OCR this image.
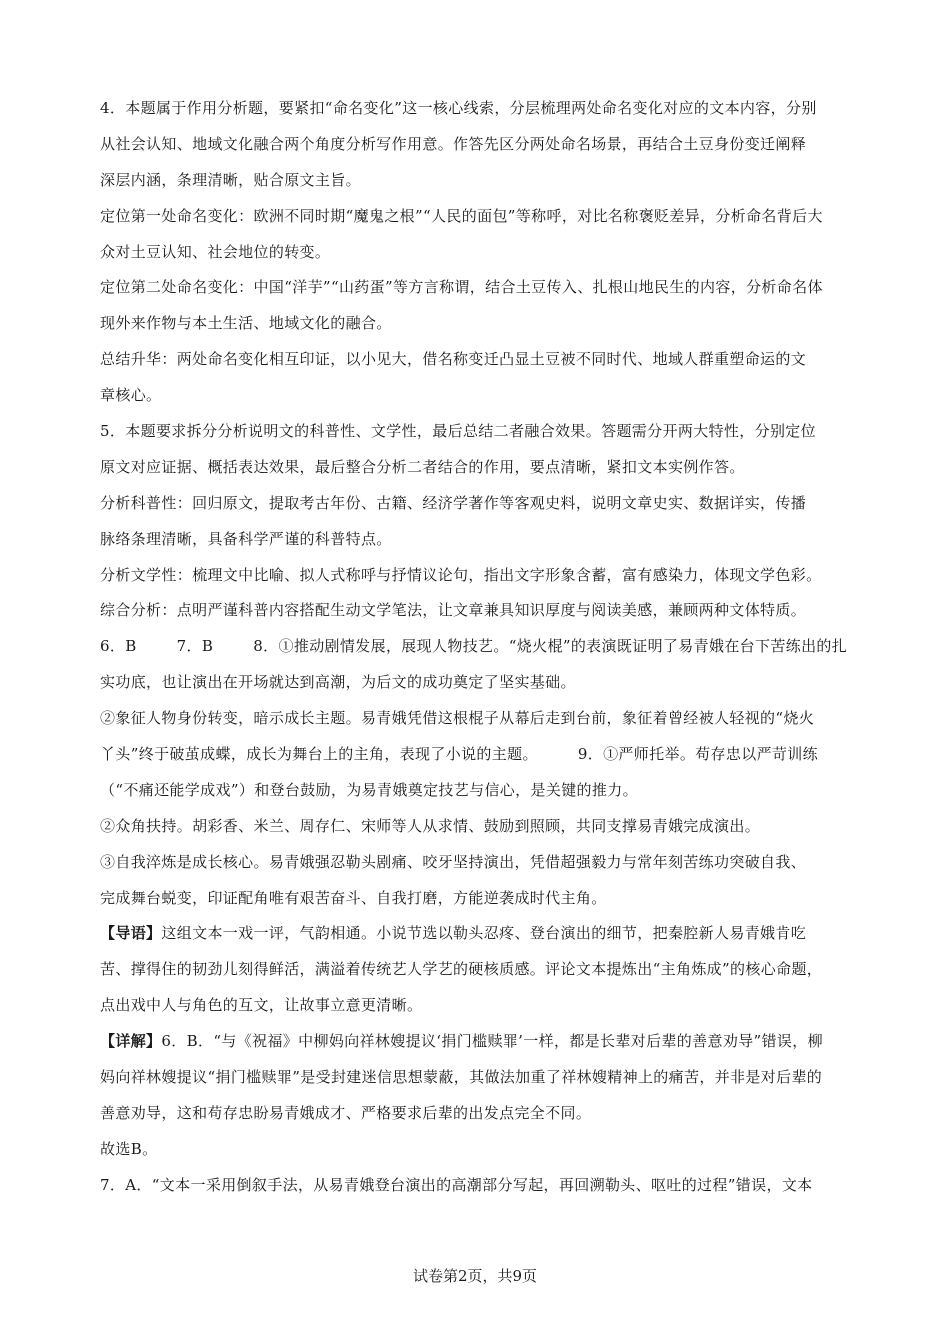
4．本题属于作用分析题，要紧扣“命名变化”这一核心线索，分层梳理两处命名变化对应的文本内容，分别
从社会认知、地域文化融合两个角度分析写作用意。作答先区分两处命名场景，再结合土豆身份变迁阐释
深层内涵，条理清晰，贴合原文主旨。
定位第一处命名变化：欧洲不同时期“魔鬼之根”“人民的面包”等称呼，对比名称褒贬差异，分析命名背后大
众对土豆认知、社会地位的转变。
定位第二处命名变化：中国“洋芋”“山药蛋”等方言称谓，结合土豆传入、扎根山地民生的内容，分析命名体
现外来作物与本土生活、地域文化的融合。
总结升华：两处命名变化相互印证，以小见大，借名称变迁凸显土豆被不同时代、地域人群重塑命运的文
章核心。
5．本题要求拆分分析说明文的科普性、文学性，最后总结二者融合效果。答题需分开两大特性，分别定位
原文对应证据、概括表达效果，最后整合分析二者结合的作用，要点清晰，紧扣文本实例作答。
分析科普性：回归原文，提取考古年份、古籍、经济学著作等客观史料，说明文章史实、数据详实，传播
脉络条理清晰，具备科学严谨的科普特点。
分析文学性：梳理文中比喻、拟人式称呼与抒情议论句，指出文字形象含蓄，富有感染力，体现文学色彩。
综合分析：点明严谨科普内容搭配生动文学笔法，让文章兼具知识厚度与阅读美感，兼顾两种文体特质。
6．B	7．B	8．①推动剧情发展，展现人物技艺。“烧火棍”的表演既证明了易青娥在台下苦练出的扎
实功底，也让演出在开场就达到高潮，为后文的成功奠定了坚实基础。
②象征人物身份转变，暗示成长主题。易青娥凭借这根棍子从幕后走到台前，象征着曾经被人轻视的“烧火
丫头”终于破茧成蝶，成长为舞台上的主角，表现了小说的主题。	9．①严师托举。苟存忠以严苛训练
（“不痛还能学成戏”）和登台鼓励，为易青娥奠定技艺与信心，是关键的推力。
②众角扶持。胡彩香、米兰、周存仁、宋师等人从求情、鼓励到照顾，共同支撑易青娥完成演出。
③自我淬炼是成长核心。易青娥强忍勒头剧痛、咬牙坚持演出，凭借超强毅力与常年刻苦练功突破自我、
完成舞台蜕变，印证配角唯有艰苦奋斗、自我打磨，方能逆袭成时代主角。
【导语】这组文本一戏一评，气韵相通。小说节选以勒头忍疼、登台演出的细节，把秦腔新人易青娥肯吃
苦、撑得住的韧劲儿刻得鲜活，满溢着传统艺人学艺的硬核质感。评论文本提炼出“主角炼成”的核心命题，
点出戏中人与角色的互文，让故事立意更清晰。
【详解】6．B．“与《祝福》中柳妈向祥林嫂提议‘捐门槛赎罪’一样，都是长辈对后辈的善意劝导”错误，柳
妈向祥林嫂提议“捐门槛赎罪”是受封建迷信思想蒙蔽，其做法加重了祥林嫂精神上的痛苦，并非是对后辈的
善意劝导，这和苟存忠盼易青娥成才、严格要求后辈的出发点完全不同。
故选B。
7．A．“文本一采用倒叙手法，从易青娥登台演出的高潮部分写起，再回溯勒头、呕吐的过程”错误，文本
试卷第2页，共9页
